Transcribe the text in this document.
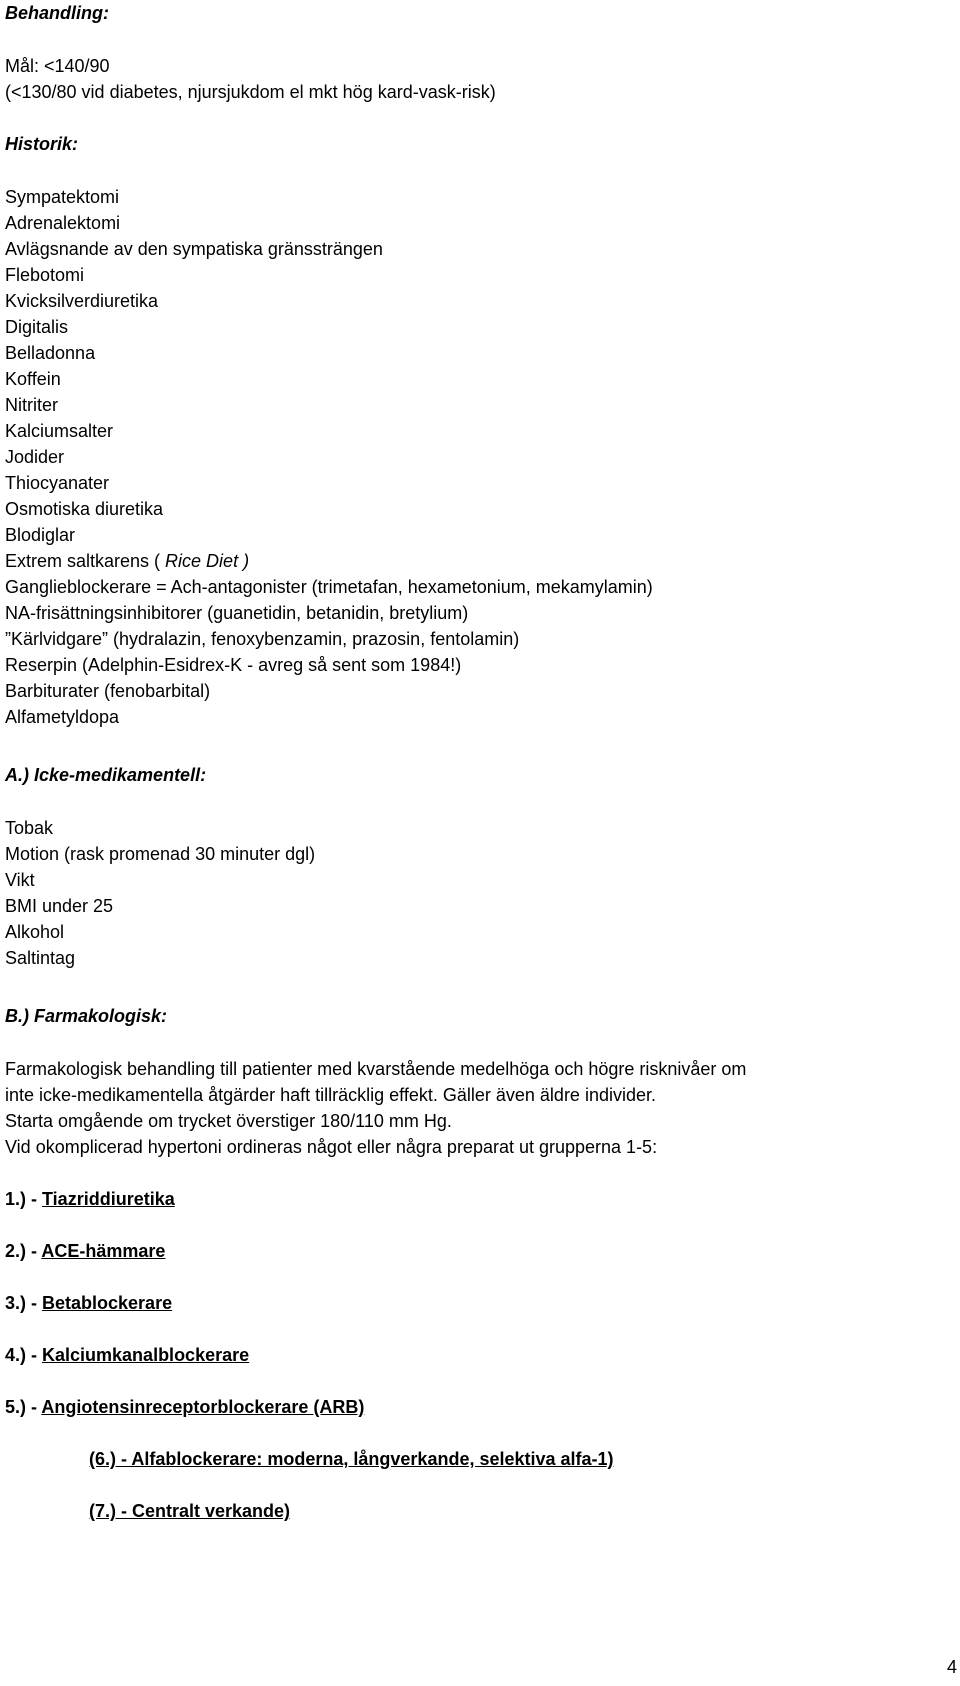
Behandling:
Mål: <140/90
(<130/80 vid diabetes, njursjukdom el mkt hög kard-vask-risk)
Historik:
Sympatektomi
Adrenalektomi
Avlägsnande av den sympatiska gränssträngen
Flebotomi
Kvicksilverdiuretika
Digitalis
Belladonna
Koffein
Nitriter
Kalciumsalter
Jodider
Thiocyanater
Osmotiska diuretika
Blodiglar
Extrem saltkarens ( Rice Diet )
Ganglieblockerare = Ach-antagonister (trimetafan, hexametonium, mekamylamin)
NA-frisättningsinhibitorer (guanetidin, betanidin, bretylium)
”Kärlvidgare” (hydralazin, fenoxybenzamin, prazosin, fentolamin)
Reserpin (Adelphin-Esidrex-K - avreg så sent som 1984!)
Barbiturater (fenobarbital)
Alfametyldopa
A.) Icke-medikamentell:
Tobak
Motion (rask promenad 30 minuter dgl)
Vikt
BMI under 25
Alkohol
Saltintag
B.) Farmakologisk:
Farmakologisk behandling till patienter med kvarstående medelhöga och högre risknivåer om
inte icke-medikamentella åtgärder haft tillräcklig effekt. Gäller även äldre individer.
Starta omgående om trycket överstiger 180/110 mm Hg.
Vid okomplicerad hypertoni ordineras något eller några preparat ut grupperna 1-5:
1.) - Tiazriddiuretika
2.) - ACE-hämmare
3.) - Betablockerare
4.) - Kalciumkanalblockerare
5.) - Angiotensinreceptorblockerare (ARB)
(6.) - Alfablockerare: moderna, långverkande, selektiva alfa-1)
(7.) - Centralt verkande)
4
